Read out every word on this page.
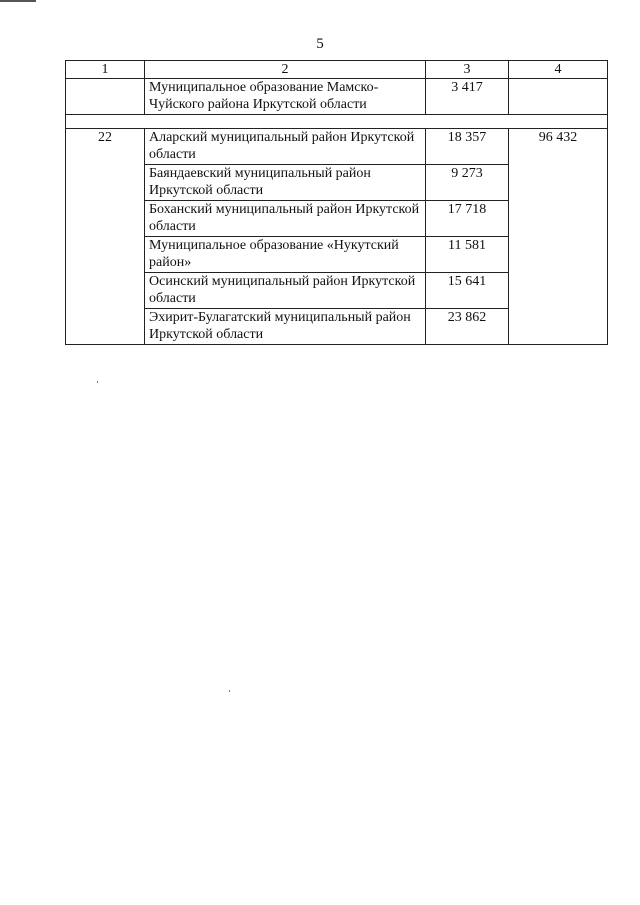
5
1	2	3	4
	Муниципальное образование Мамско-Чуйского района Иркутской области	3 417	

22	Аларский муниципальный район Иркутской области	18 357	96 432
	Баяндаевский муниципальный район Иркутской области	9 273	
	Боханский муниципальный район Иркутской области	17 718	
	Муниципальное образование «Нукутский район»	11 581	
	Осинский муниципальный район Иркутской области	15 641	
	Эхирит-Булагатский муниципальный район Иркутской области	23 862	
